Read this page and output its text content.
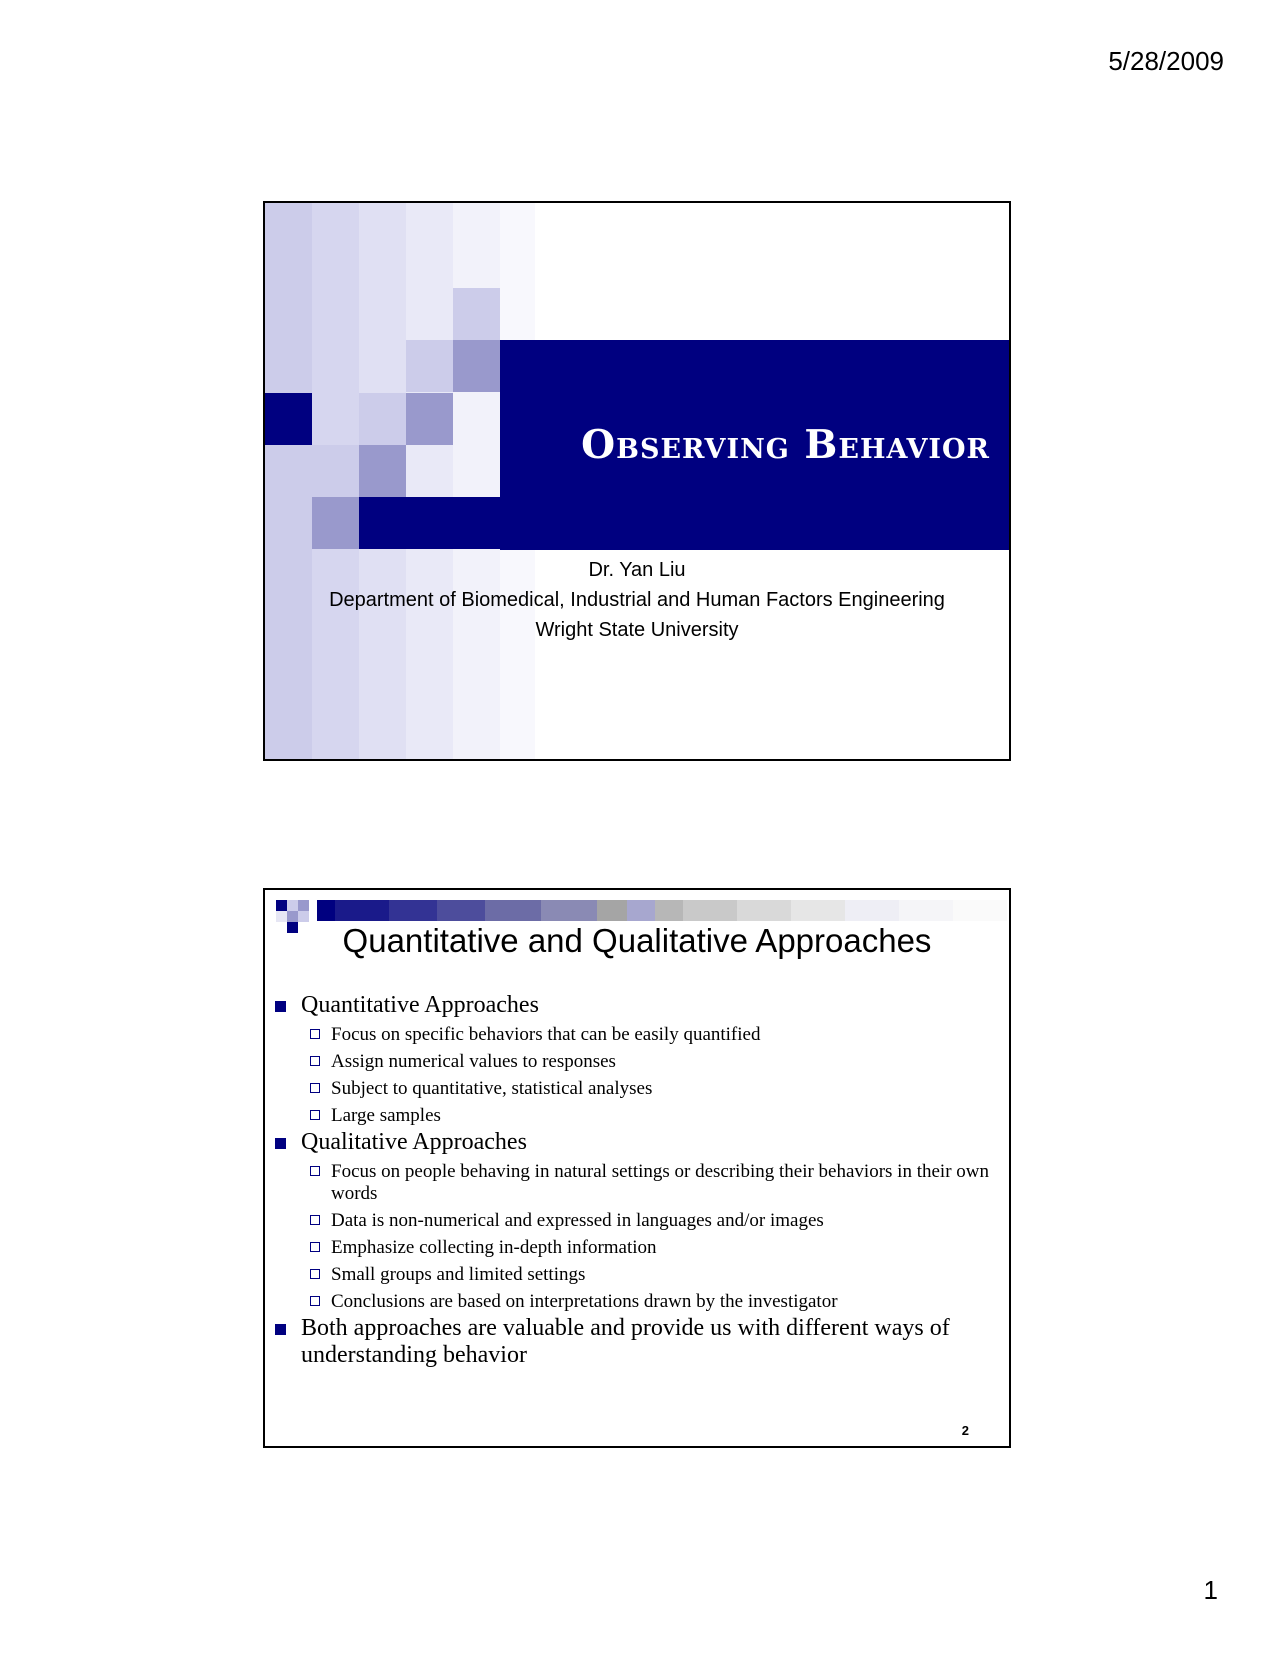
5/28/2009
Observing Behavior
Dr. Yan Liu
Department of Biomedical, Industrial and Human Factors Engineering
Wright State University
Quantitative and Qualitative Approaches
Quantitative Approaches
Focus on specific behaviors that can be easily quantified
Assign numerical values to responses
Subject to quantitative, statistical analyses
Large samples
Qualitative Approaches
Focus on people behaving in natural settings or describing their behaviors in their own words
Data is non-numerical and expressed in languages and/or images
Emphasize collecting in-depth information
Small groups and limited settings
Conclusions are based on interpretations drawn by the investigator
Both approaches are valuable and provide us with different ways of understanding behavior
2
1
